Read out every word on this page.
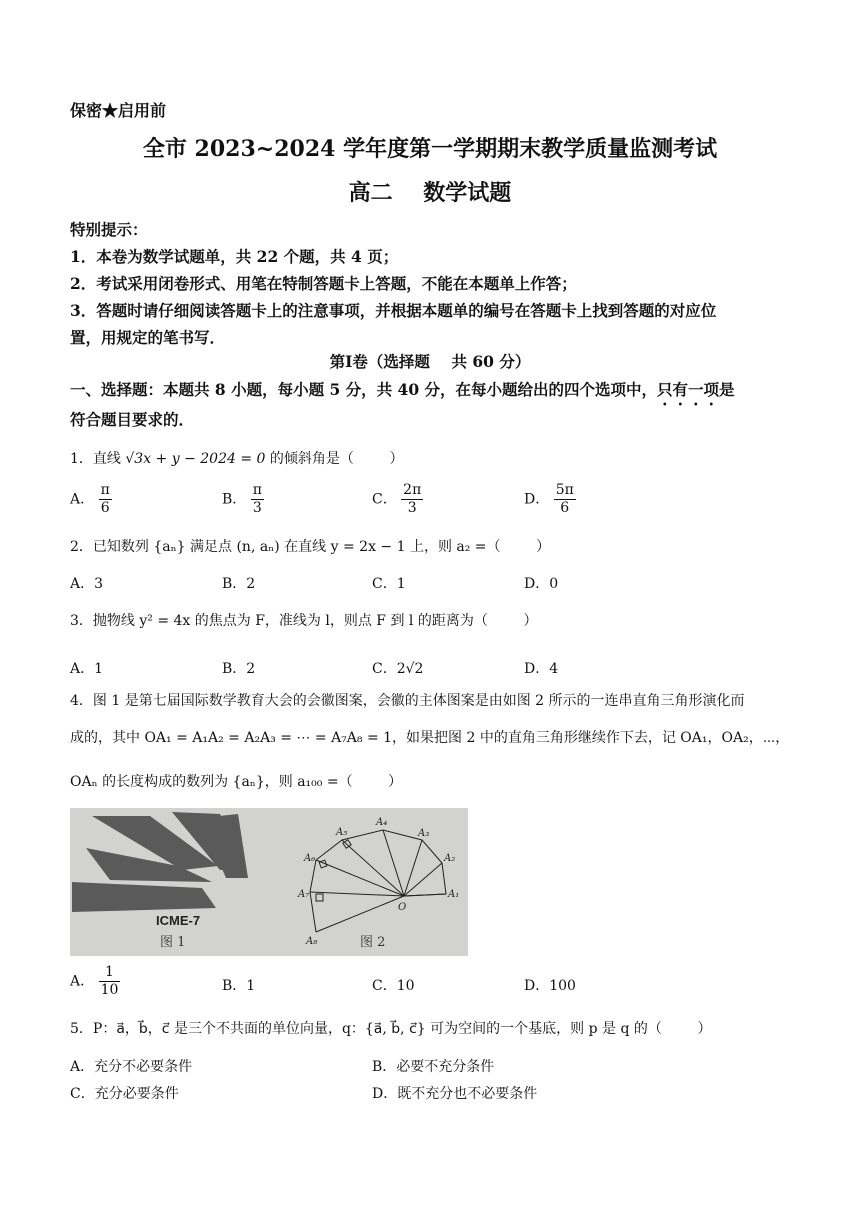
保密★启用前
全市 2023~2024 学年度第一学期期末教学质量监测考试
高二    数学试题
特别提示：
1．本卷为数学试题单，共 22 个题，共 4 页；
2．考试采用闭卷形式、用笔在特制答题卡上答题，不能在本题单上作答；
3．答题时请仔细阅读答题卡上的注意事项，并根据本题单的编号在答题卡上找到答题的对应位
置，用规定的笔书写．
第Ⅰ卷（选择题    共 60 分）
一、选择题：本题共 8 小题，每小题 5 分，共 40 分，在每小题给出的四个选项中，只有一项是
符合题目要求的．
1．直线 √3x + y − 2024 = 0 的倾斜角是（        ）
A． $\frac{\pi}{6}$	B． $\frac{\pi}{3}$	C． $\frac{2\pi}{3}$	D． $\frac{5\pi}{6}$
2．已知数列 {aₙ} 满足点 (n, aₙ) 在直线 y = 2x − 1 上，则 a₂ =（        ）
A．3	B．2	C．1	D．0
3．抛物线 y² = 4x 的焦点为 F，准线为 l，则点 F 到 l 的距离为（        ）
A．1	B．2	C．2√2	D．4
4．图 1 是第七届国际数学教育大会的会徽图案，会徽的主体图案是由如图 2 所示的一连串直角三角形演化而
成的，其中 OA₁ = A₁A₂ = A₂A₃ = ⋯ = A₇A₈ = 1，如果把图 2 中的直角三角形继续作下去，记 OA₁，OA₂，⋯，
OAₙ 的长度构成的数列为 {aₙ}，则 a₁₀₀ =（        ）
ICME-7
图 1
A₁
A₂
A₃
A₄
A₅
A₆
A₇
A₈
O
图 2
A． $\frac{1}{10}$	B．1	C．10	D．100
5．P：a⃗，b⃗，c⃗ 是三个不共面的单位向量，q：{a⃗, b⃗, c⃗} 可为空间的一个基底，则 p 是 q 的（        ）
A．充分不必要条件	B．必要不充分条件
C．充分必要条件	D．既不充分也不必要条件
